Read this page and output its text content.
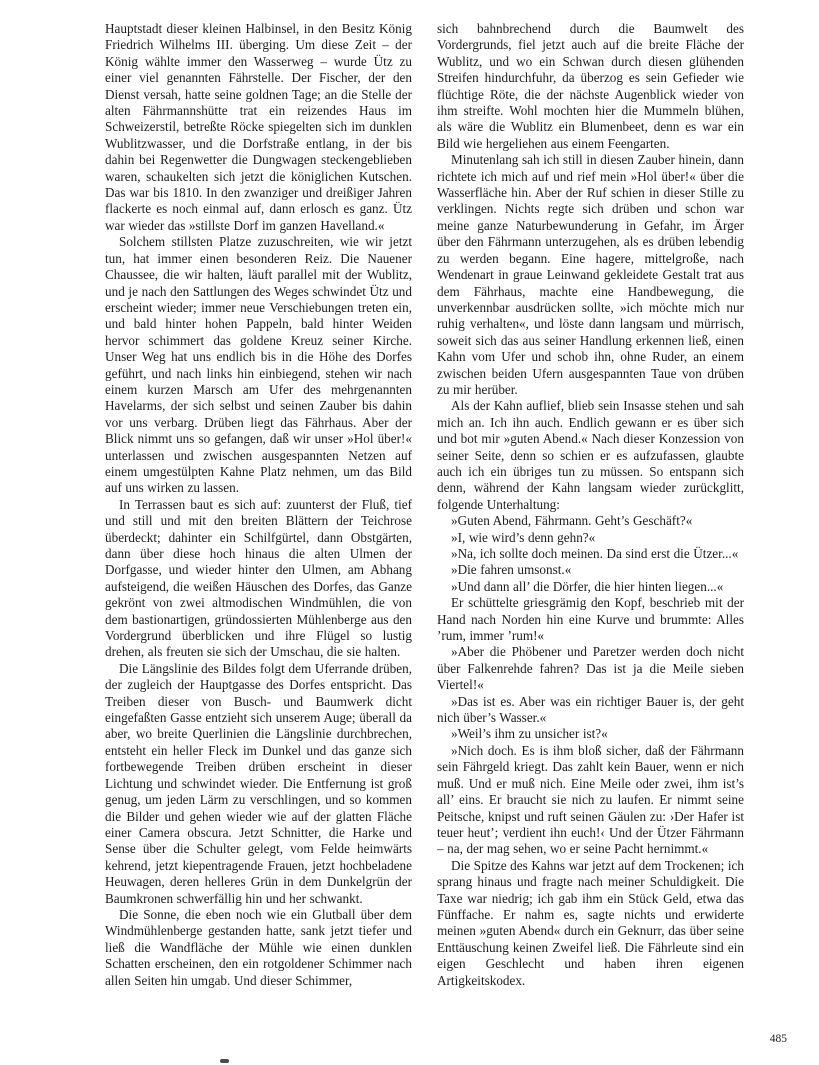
Hauptstadt dieser kleinen Halbinsel, in den Besitz König Friedrich Wilhelms III. überging. Um diese Zeit – der König wählte immer den Wasserweg – wurde Ütz zu einer viel genannten Fährstelle. Der Fischer, der den Dienst versah, hatte seine goldnen Tage; an die Stelle der alten Fährmannshütte trat ein reizendes Haus im Schweizerstil, betreßte Röcke spiegelten sich im dunklen Wublitzwasser, und die Dorfstraße entlang, in der bis dahin bei Regenwetter die Dungwagen steckengeblieben waren, schaukelten sich jetzt die königlichen Kutschen. Das war bis 1810. In den zwanziger und dreißiger Jahren flackerte es noch einmal auf, dann erlosch es ganz. Ütz war wieder das »stillste Dorf im ganzen Havelland.«

Solchem stillsten Platze zuzuschreiten, wie wir jetzt tun, hat immer einen besonderen Reiz. Die Nauener Chaussee, die wir halten, läuft parallel mit der Wublitz, und je nach den Sattlungen des Weges schwindet Ütz und erscheint wieder; immer neue Verschiebungen treten ein, und bald hinter hohen Pappeln, bald hinter Weiden hervor schimmert das goldene Kreuz seiner Kirche. Unser Weg hat uns endlich bis in die Höhe des Dorfes geführt, und nach links hin einbiegend, stehen wir nach einem kurzen Marsch am Ufer des mehrgenannten Havelarms, der sich selbst und seinen Zauber bis dahin vor uns verbarg. Drüben liegt das Fährhaus. Aber der Blick nimmt uns so gefangen, daß wir unser »Hol über!« unterlassen und zwischen ausgespannten Netzen auf einem umgestülpten Kahne Platz nehmen, um das Bild auf uns wirken zu lassen.

In Terrassen baut es sich auf: zuunterst der Fluß, tief und still und mit den breiten Blättern der Teichrose überdeckt; dahinter ein Schilfgürtel, dann Obstgärten, dann über diese hoch hinaus die alten Ulmen der Dorfgasse, und wieder hinter den Ulmen, am Abhang aufsteigend, die weißen Häuschen des Dorfes, das Ganze gekrönt von zwei altmodischen Windmühlen, die von dem bastionartigen, gründossierten Mühlenberge aus den Vordergrund überblicken und ihre Flügel so lustig drehen, als freuten sie sich der Umschau, die sie halten.

Die Längslinie des Bildes folgt dem Uferrande drüben, der zugleich der Hauptgasse des Dorfes entspricht. Das Treiben dieser von Busch- und Baumwerk dicht eingefaßten Gasse entzieht sich unserem Auge; überall da aber, wo breite Querlinien die Längslinie durchbrechen, entsteht ein heller Fleck im Dunkel und das ganze sich fortbewegende Treiben drüben erscheint in dieser Lichtung und schwindet wieder. Die Entfernung ist groß genug, um jeden Lärm zu verschlingen, und so kommen die Bilder und gehen wieder wie auf der glatten Fläche einer Camera obscura. Jetzt Schnitter, die Harke und Sense über die Schulter gelegt, vom Felde heimwärts kehrend, jetzt kiepentragende Frauen, jetzt hochbeladene Heuwagen, deren helleres Grün in dem Dunkelgrün der Baumkronen schwerfällig hin und her schwankt.

Die Sonne, die eben noch wie ein Glutball über dem Windmühlenberge gestanden hatte, sank jetzt tiefer und ließ die Wandfläche der Mühle wie einen dunklen Schatten erscheinen, den ein rotgoldener Schimmer nach allen Seiten hin umgab. Und dieser Schimmer,

sich bahnbrechend durch die Baumwelt des Vordergrunds, fiel jetzt auch auf die breite Fläche der Wublitz, und wo ein Schwan durch diesen glühenden Streifen hindurchfuhr, da überzog es sein Gefieder wie flüchtige Röte, die der nächste Augenblick wieder von ihm streifte. Wohl mochten hier die Mummeln blühen, als wäre die Wublitz ein Blumenbeet, denn es war ein Bild wie hergeliehen aus einem Feengarten.

Minutenlang sah ich still in diesen Zauber hinein, dann richtete ich mich auf und rief mein »Hol über!« über die Wasserfläche hin. Aber der Ruf schien in dieser Stille zu verklingen. Nichts regte sich drüben und schon war meine ganze Naturbewunderung in Gefahr, im Ärger über den Fährmann unterzugehen, als es drüben lebendig zu werden begann. Eine hagere, mittelgroße, nach Wendenart in graue Leinwand gekleidete Gestalt trat aus dem Fährhaus, machte eine Handbewegung, die unverkennbar ausdrücken sollte, »ich möchte mich nur ruhig verhalten«, und löste dann langsam und mürrisch, soweit sich das aus seiner Handlung erkennen ließ, einen Kahn vom Ufer und schob ihn, ohne Ruder, an einem zwischen beiden Ufern ausgespannten Taue von drüben zu mir herüber.

Als der Kahn auflief, blieb sein Insasse stehen und sah mich an. Ich ihn auch. Endlich gewann er es über sich und bot mir »guten Abend.« Nach dieser Konzession von seiner Seite, denn so schien er es aufzufassen, glaubte auch ich ein übriges tun zu müssen. So entspann sich denn, während der Kahn langsam wieder zurückglitt, folgende Unterhaltung:

»Guten Abend, Fährmann. Geht’s Geschäft?«

»I, wie wird’s denn gehn?«

»Na, ich sollte doch meinen. Da sind erst die Ützer...«

»Die fahren umsonst.«

»Und dann all’ die Dörfer, die hier hinten liegen...«

Er schüttelte griesgrämig den Kopf, beschrieb mit der Hand nach Norden hin eine Kurve und brummte: Alles ’rum, immer ’rum!«

»Aber die Phöbener und Paretzer werden doch nicht über Falkenrehde fahren? Das ist ja die Meile sieben Viertel!«

»Das ist es. Aber was ein richtiger Bauer is, der geht nich über’s Wasser.«

»Weil’s ihm zu unsicher ist?«

»Nich doch. Es is ihm bloß sicher, daß der Fährmann sein Fährgeld kriegt. Das zahlt kein Bauer, wenn er nich muß. Und er muß nich. Eine Meile oder zwei, ihm ist’s all’ eins. Er braucht sie nich zu laufen. Er nimmt seine Peitsche, knipst und ruft seinen Gäulen zu: ›Der Hafer ist teuer heut’; verdient ihn euch!‹ Und der Ützer Fährmann – na, der mag sehen, wo er seine Pacht hernimmt.«

Die Spitze des Kahns war jetzt auf dem Trockenen; ich sprang hinaus und fragte nach meiner Schuldigkeit. Die Taxe war niedrig; ich gab ihm ein Stück Geld, etwa das Fünffache. Er nahm es, sagte nichts und erwiderte meinen »guten Abend« durch ein Geknurr, das über seine Enttäuschung keinen Zweifel ließ. Die Fährleute sind ein eigen Geschlecht und haben ihren eigenen Artigkeitskodex.

485
